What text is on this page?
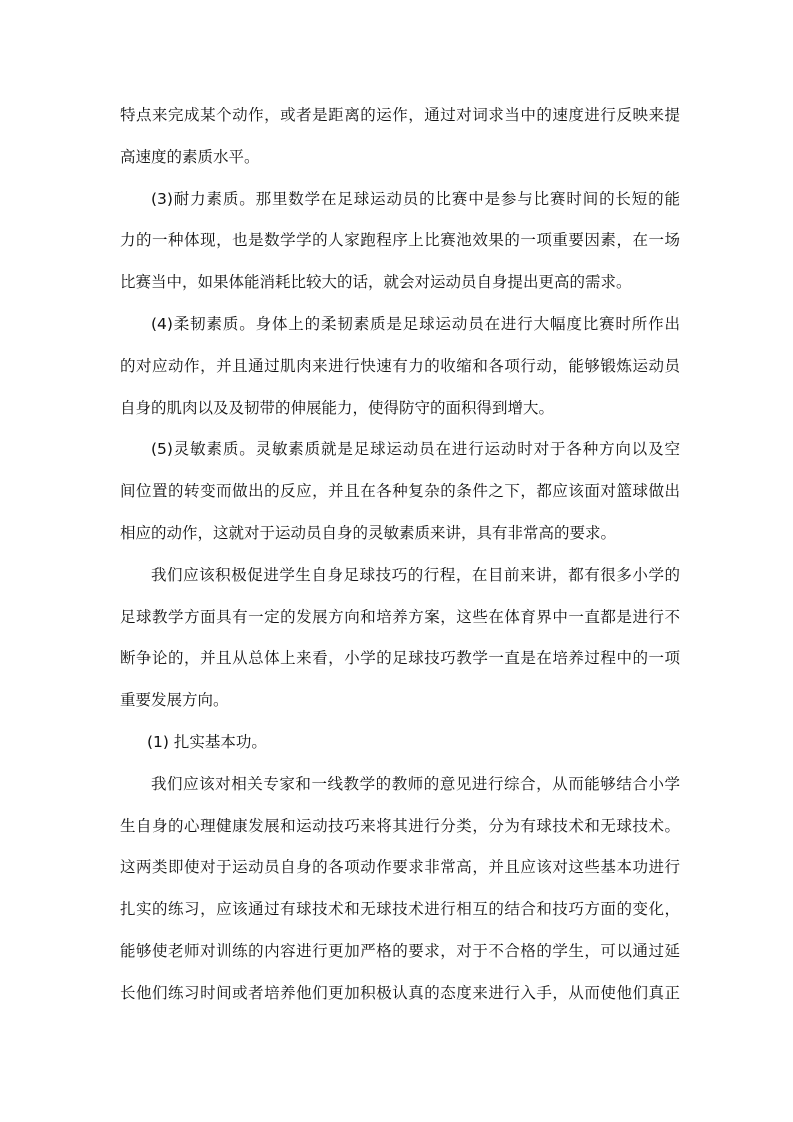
特点来完成某个动作，或者是距离的运作，通过对词求当中的速度进行反映来提
高速度的素质水平。
(3)耐力素质。那里数学在足球运动员的比赛中是参与比赛时间的长短的能
力的一种体现，也是数学学的人家跑程序上比赛池效果的一项重要因素，在一场
比赛当中，如果体能消耗比较大的话，就会对运动员自身提出更高的需求。
(4)柔韧素质。身体上的柔韧素质是足球运动员在进行大幅度比赛时所作出
的对应动作，并且通过肌肉来进行快速有力的收缩和各项行动，能够锻炼运动员
自身的肌肉以及及韧带的伸展能力，使得防守的面积得到增大。
(5)灵敏素质。灵敏素质就是足球运动员在进行运动时对于各种方向以及空
间位置的转变而做出的反应，并且在各种复杂的条件之下，都应该面对篮球做出
相应的动作，这就对于运动员自身的灵敏素质来讲，具有非常高的要求。
我们应该积极促进学生自身足球技巧的行程，在目前来讲，都有很多小学的
足球教学方面具有一定的发展方向和培养方案，这些在体育界中一直都是进行不
断争论的，并且从总体上来看，小学的足球技巧教学一直是在培养过程中的一项
重要发展方向。
(1) 扎实基本功。
我们应该对相关专家和一线教学的教师的意见进行综合，从而能够结合小学
生自身的心理健康发展和运动技巧来将其进行分类，分为有球技术和无球技术。
这两类即使对于运动员自身的各项动作要求非常高，并且应该对这些基本功进行
扎实的练习，应该通过有球技术和无球技术进行相互的结合和技巧方面的变化，
能够使老师对训练的内容进行更加严格的要求，对于不合格的学生，可以通过延
长他们练习时间或者培养他们更加积极认真的态度来进行入手，从而使他们真正
